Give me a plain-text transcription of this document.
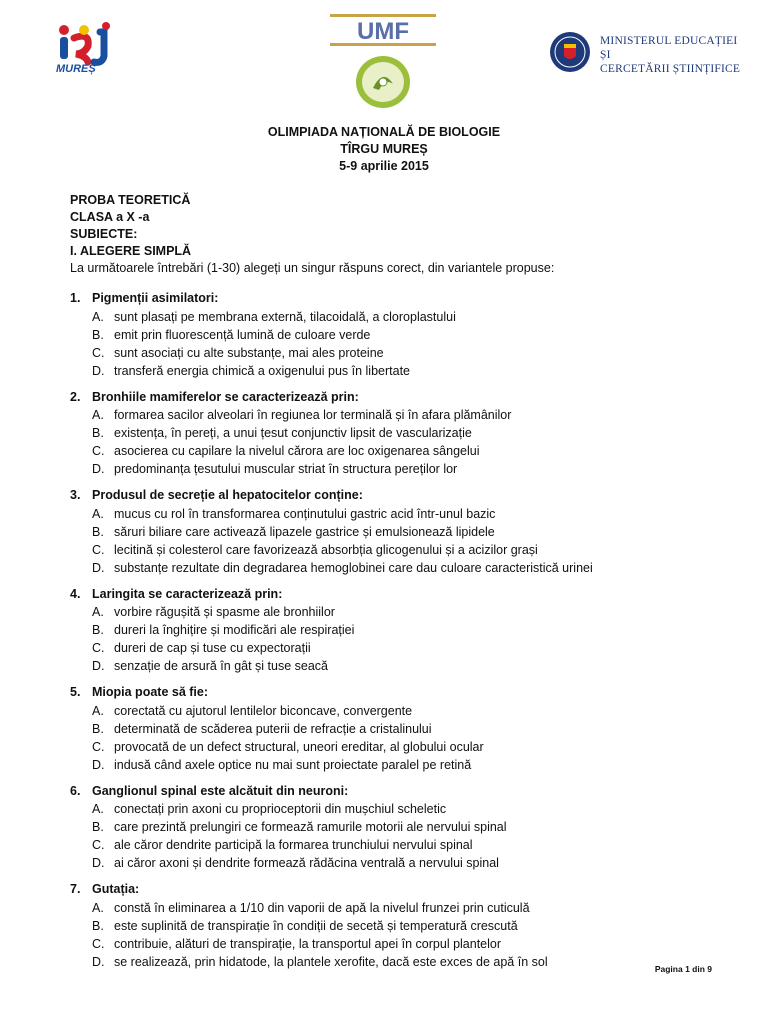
MUREȘ
UMF	MINISTERUL EDUCAȚIEI ȘI
CERCETĂRII ȘTIINȚIFICE
OLIMPIADA NAȚIONALĂ DE BIOLOGIE
TÎRGU MUREȘ
5-9 aprilie 2015
PROBA TEORETICĂ
CLASA a X -a
SUBIECTE:
I. ALEGERE SIMPLĂ
La următoarele întrebări (1-30) alegeți un singur răspuns corect, din variantele propuse:
1. Pigmenții asimilatori:
A. sunt plasați pe membrana externă, tilacoidală, a cloroplastului
B. emit prin fluorescență lumină de culoare verde
C. sunt asociați cu alte substanțe, mai ales proteine
D. transferă energia chimică a oxigenului pus în libertate
2. Bronhiile mamiferelor se caracterizează prin:
A. formarea sacilor alveolari în regiunea lor terminală și în afara plămânilor
B. existența, în pereți, a unui țesut conjunctiv lipsit de vascularizație
C. asocierea cu capilare la nivelul cărora are loc oxigenarea sângelui
D. predominanța țesutului muscular striat în structura pereților lor
3. Produsul de secreție al hepatocitelor conține:
A. mucus cu rol în transformarea conținutului gastric acid într-unul bazic
B. săruri biliare care activează lipazele gastrice și emulsionează lipidele
C. lecitină și colesterol care favorizează absorbția glicogenului și a acizilor grași
D. substanțe rezultate din degradarea hemoglobinei care dau culoare caracteristică urinei
4. Laringita se caracterizează prin:
A. vorbire răgușită și spasme ale bronhiilor
B. dureri la înghițire și modificări ale respirației
C. dureri de cap și tuse cu expectorații
D. senzație de arsură în gât și tuse seacă
5. Miopia poate să fie:
A. corectată cu ajutorul lentilelor biconcave, convergente
B. determinată de scăderea puterii de refracție a cristalinului
C. provocată de un defect structural, uneori ereditar, al globului ocular
D. indusă când axele optice nu mai sunt proiectate paralel pe retină
6. Ganglionul spinal este alcătuit din neuroni:
A. conectați prin axoni cu proprioceptorii din mușchiul scheletic
B. care prezintă prelungiri ce formează ramurile motorii ale nervului spinal
C. ale căror dendrite participă la formarea trunchiului nervului spinal
D. ai căror axoni și dendrite formează rădăcina ventrală a nervului spinal
7. Gutația:
A. constă în eliminarea a 1/10 din vaporii de apă la nivelul frunzei prin cuticulă
B. este suplinită de transpirație în condiții de secetă și temperatură crescută
C. contribuie, alături de transpirație, la transportul apei în corpul plantelor
D. se realizează, prin hidatode, la plantele xerofite, dacă este exces de apă în sol
Pagina 1 din 9
